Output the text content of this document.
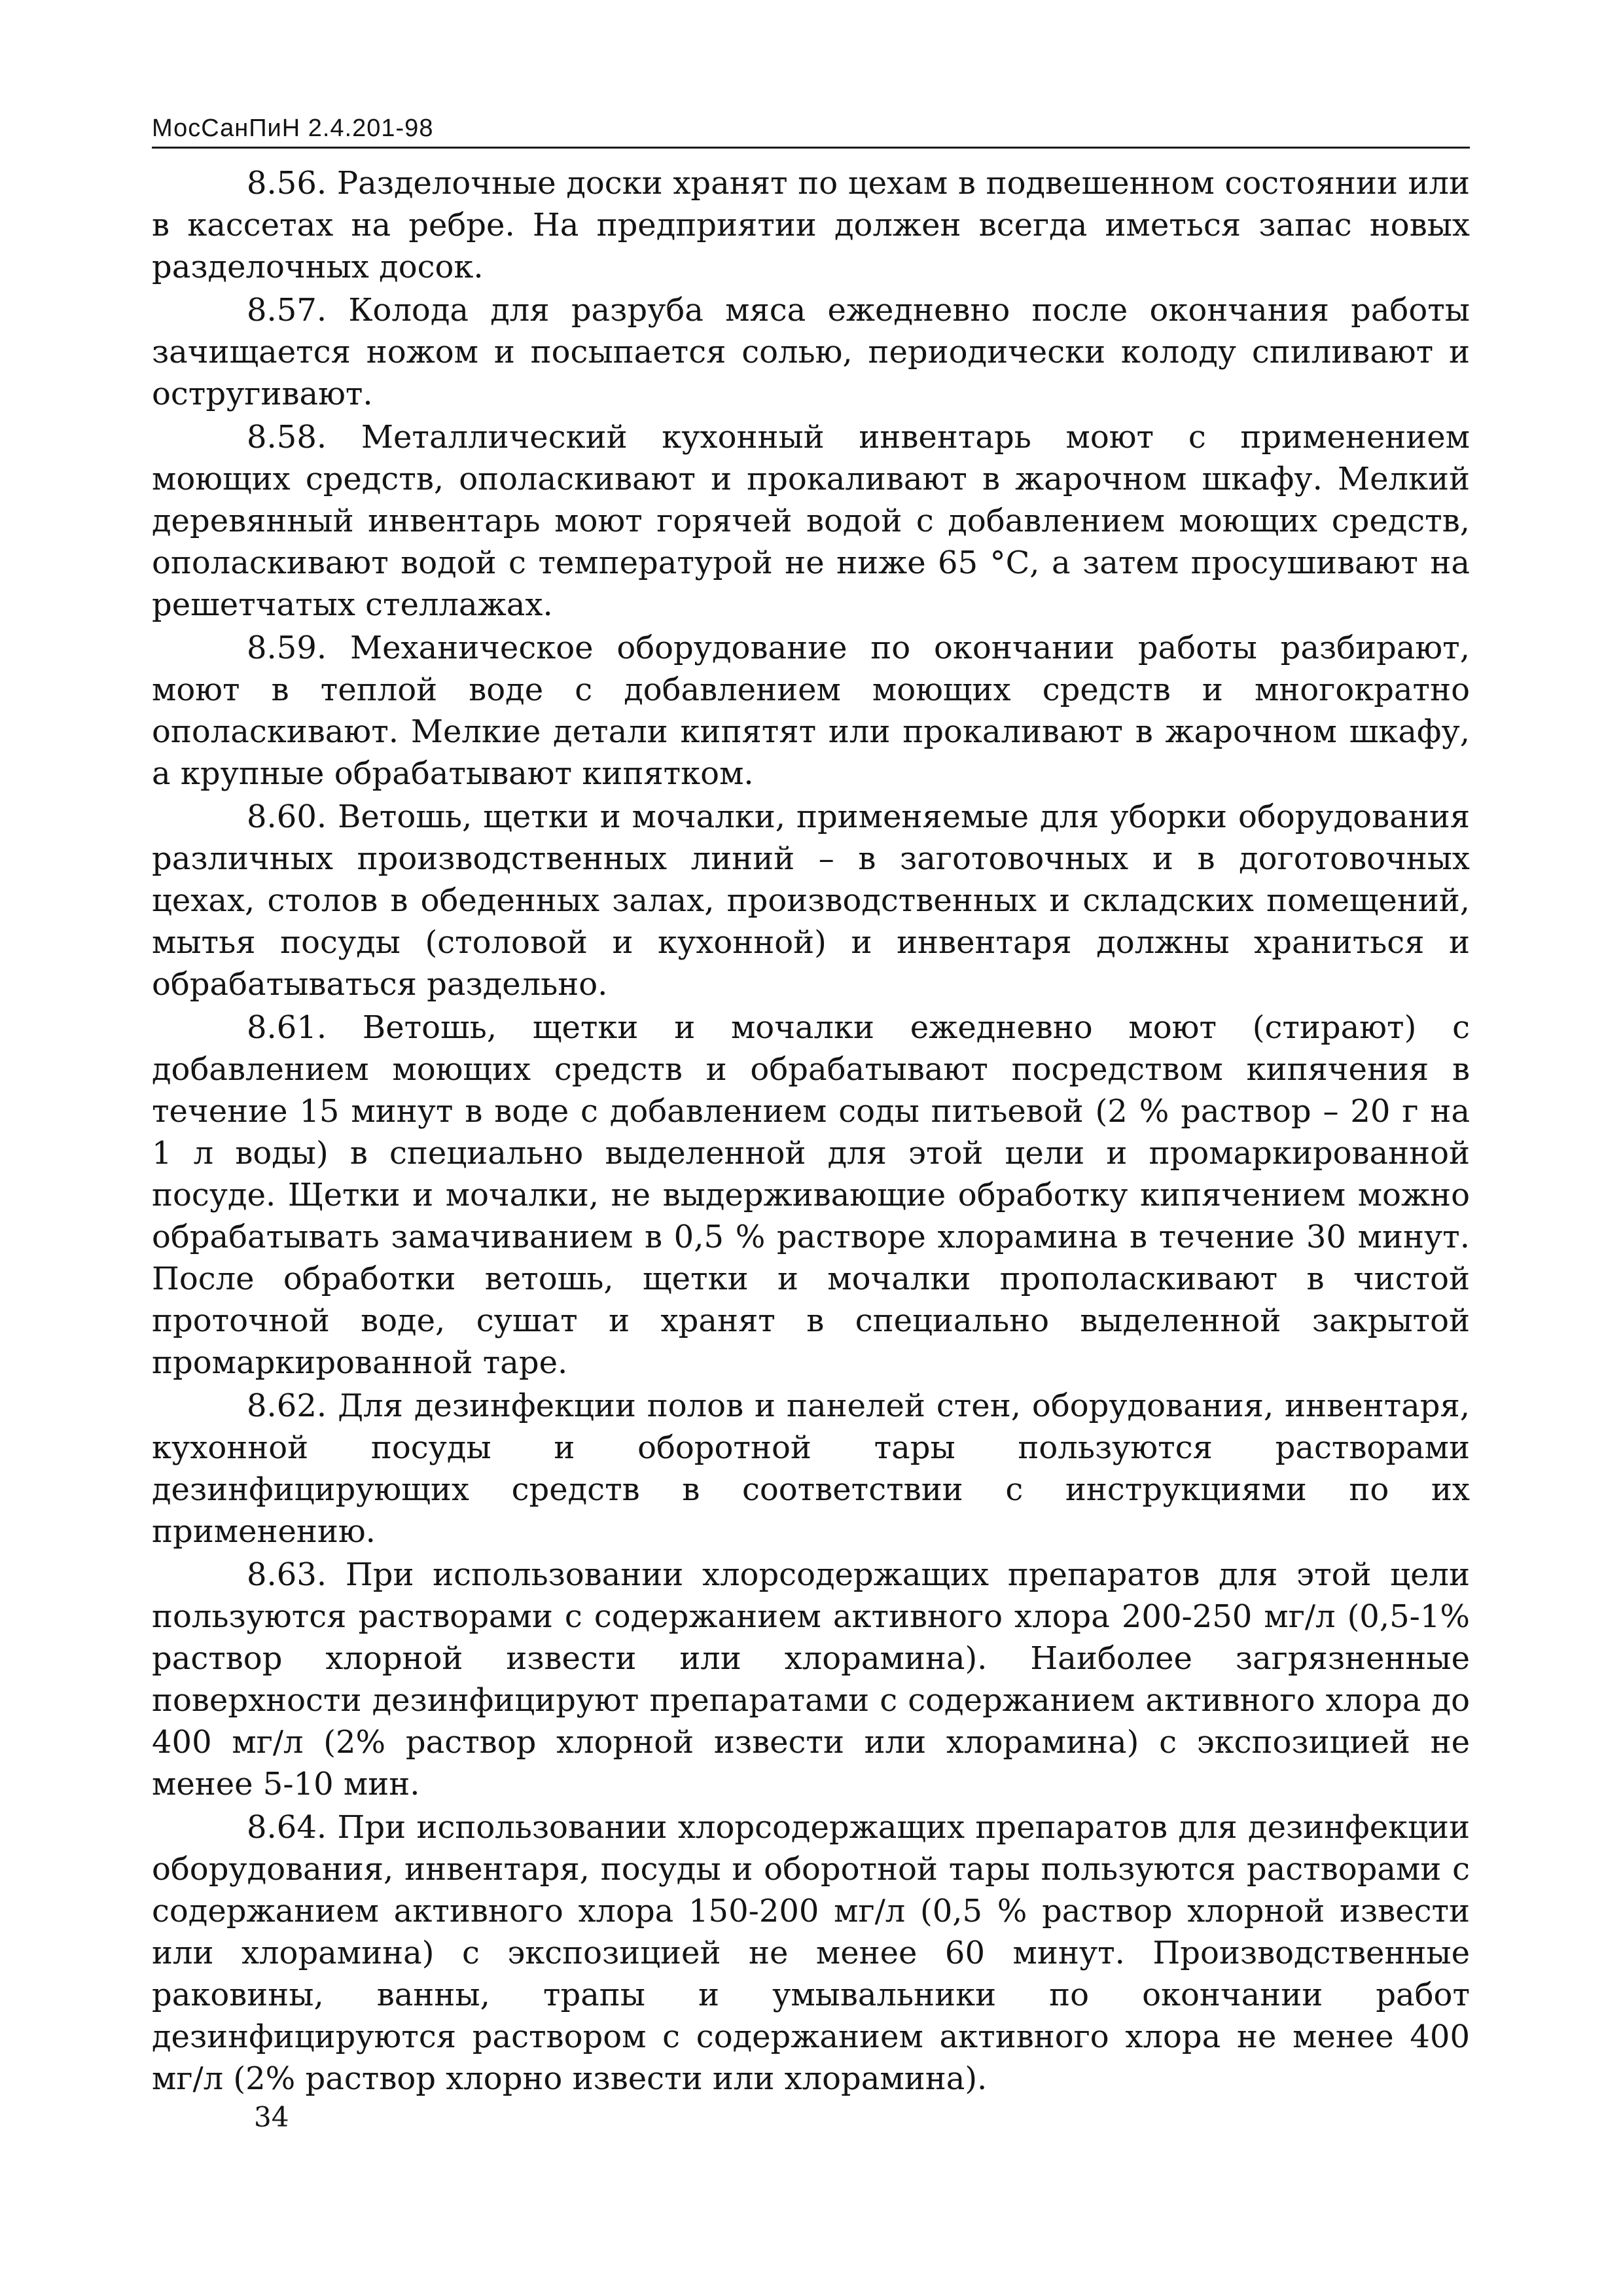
МосСанПиН 2.4.201-98

8.56. Разделочные доски хранят по цехам в подвешенном состоянии или в кассетах на ребре. На предприятии должен всегда иметься запас новых разделочных досок.

8.57. Колода для разруба мяса ежедневно после окончания работы зачищается ножом и посыпается солью, периодически колоду спиливают и остругивают.

8.58. Металлический кухонный инвентарь моют с применением моющих средств, ополаскивают и прокаливают в жарочном шкафу. Мелкий деревянный инвентарь моют горячей водой с добавлением моющих средств, ополаскивают водой с температурой не ниже 65 °С, а затем просушивают на решетчатых стеллажах.

8.59. Механическое оборудование по окончании работы разбирают, моют в теплой воде с добавлением моющих средств и многократно ополаскивают. Мелкие детали кипятят или прокаливают в жарочном шкафу, а крупные обрабатывают кипятком.

8.60. Ветошь, щетки и мочалки, применяемые для уборки оборудования различных производственных линий – в заготовочных и в доготовочных цехах, столов в обеденных залах, производственных и складских помещений, мытья посуды (столовой и кухонной) и инвентаря должны храниться и обрабатываться раздельно.

8.61. Ветошь, щетки и мочалки ежедневно моют (стирают) с добавлением моющих средств и обрабатывают посредством кипячения в течение 15 минут в воде с добавлением соды питьевой (2 % раствор – 20 г на 1 л воды) в специально выделенной для этой цели и промаркированной посуде. Щетки и мочалки, не выдерживающие обработку кипячением можно обрабатывать замачиванием в 0,5 % растворе хлорамина в течение 30 минут. После обработки ветошь, щетки и мочалки прополаскивают в чистой проточной воде, сушат и хранят в специально выделенной закрытой промаркированной таре.

8.62. Для дезинфекции полов и панелей стен, оборудования, инвентаря, кухонной посуды и оборотной тары пользуются растворами дезинфицирующих средств в соответствии с инструкциями по их применению.

8.63. При использовании хлорсодержащих препаратов для этой цели пользуются растворами с содержанием активного хлора 200-250 мг/л (0,5-1% раствор хлорной извести или хлорамина). Наиболее загрязненные поверхности дезинфицируют препаратами с содержанием активного хлора до 400 мг/л (2% раствор хлорной извести или хлорамина) с экспозицией не менее 5-10 мин.

8.64. При использовании хлорсодержащих препаратов для дезинфекции оборудования, инвентаря, посуды и оборотной тары пользуются растворами с содержанием активного хлора 150-200 мг/л (0,5 % раствор хлорной извести или хлорамина) с экспозицией не менее 60 минут. Производственные раковины, ванны, трапы и умывальники по окончании работ дезинфицируются раствором с содержанием активного хлора не менее 400 мг/л (2% раствор хлорно извести или хлорамина).

34
